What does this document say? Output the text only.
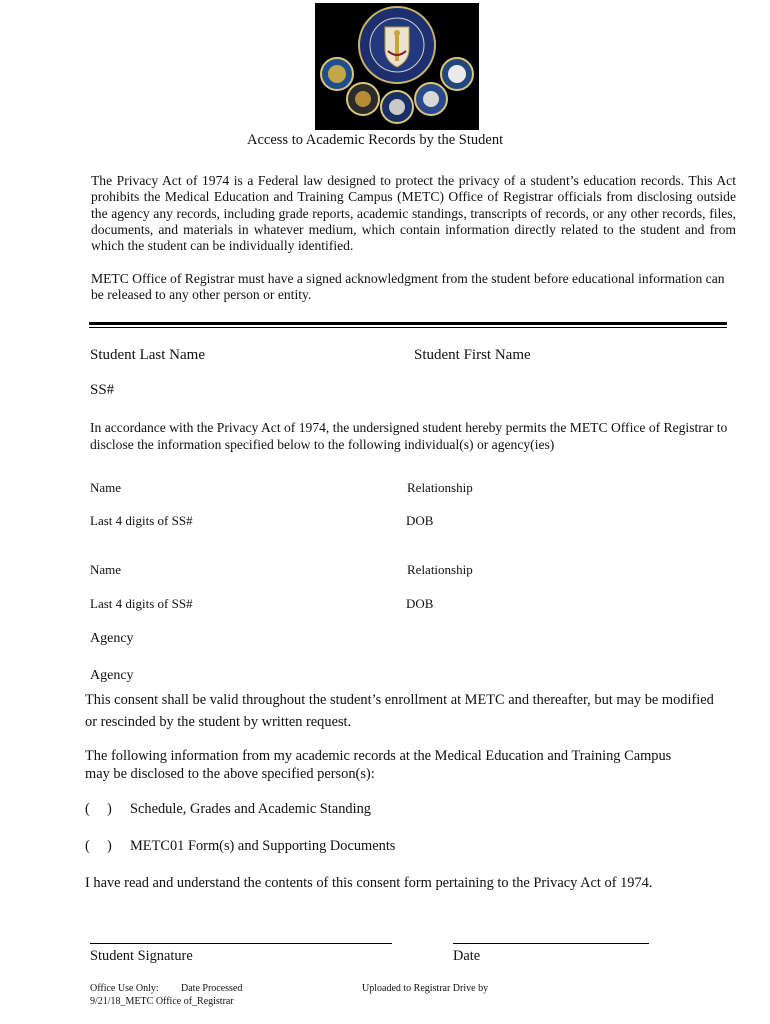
Access to Academic Records by the Student
The Privacy Act of 1974 is a Federal law designed to protect the privacy of a student’s education records. This Act prohibits the Medical Education and Training Campus (METC) Office of Registrar officials from disclosing outside the agency any records, including grade reports, academic standings, transcripts of records, or any other records, files, documents, and materials in whatever medium, which contain information directly related to the student and from which the student can be individually identified.
METC Office of Registrar must have a signed acknowledgment from the student before educational information can be released to any other person or entity.
Student Last Name	Student First Name
SS#
In accordance with the Privacy Act of 1974, the undersigned student hereby permits the METC Office of Registrar to disclose the information specified below to the following individual(s) or agency(ies)
Name	Relationship
Last 4 digits of SS#	DOB
Name	Relationship
Last 4 digits of SS#	DOB
Agency
Agency
This consent shall be valid throughout the student’s enrollment at METC and thereafter, but may be modified or rescinded by the student by written request.
The following information from my academic records at the Medical Education and Training Campus may be disclosed to the above specified person(s):
( ) Schedule, Grades and Academic Standing
( ) METC01 Form(s) and Supporting Documents
I have read and understand the contents of this consent form pertaining to the Privacy Act of 1974.
Student Signature	Date
Office Use Only: Date Processed	Uploaded to Registrar Drive by
9/21/18_METC Office of_Registrar
